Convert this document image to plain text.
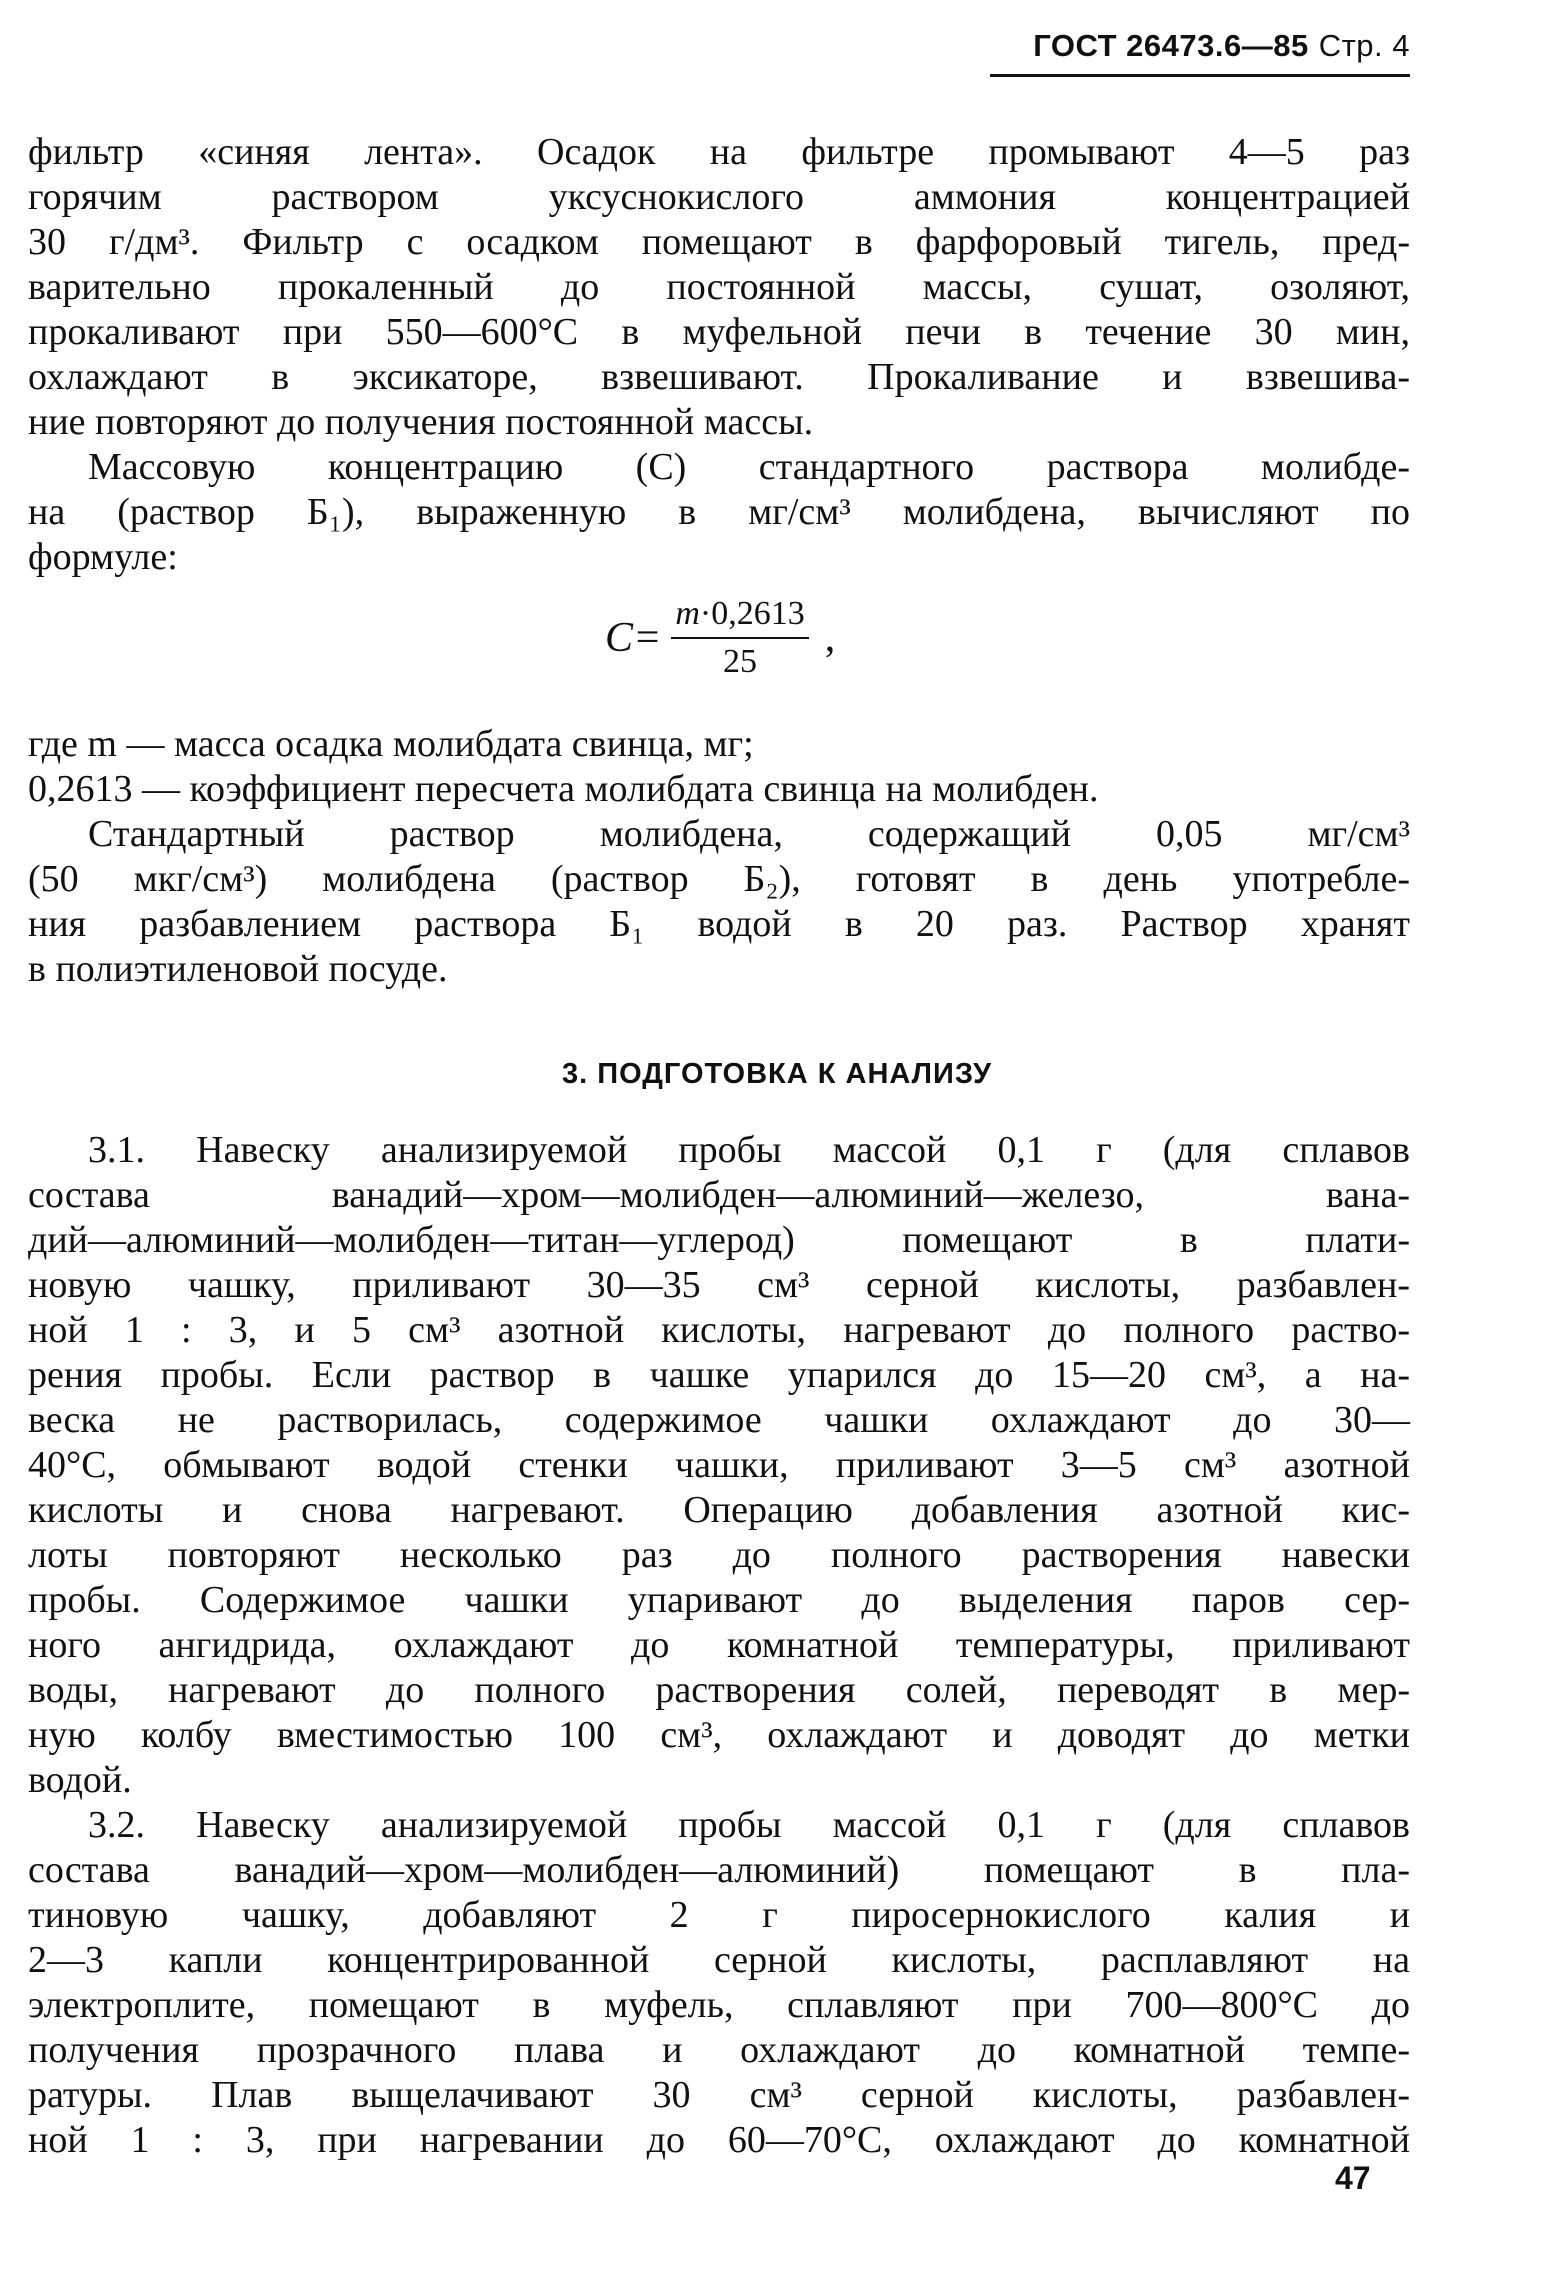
ГОСТ 26473.6—85 Стр. 4
фильтр «синяя лента». Осадок на фильтре промывают 4—5 раз
горячим раствором уксуснокислого аммония концентрацией
30 г/дм³. Фильтр с осадком помещают в фарфоровый тигель, пред-
варительно прокаленный до постоянной массы, сушат, озоляют,
прокаливают при 550—600°С в муфельной печи в течение 30 мин,
охлаждают в эксикаторе, взвешивают. Прокаливание и взвешива-
ние повторяют до получения постоянной массы.
Массовую концентрацию (C) стандартного раствора молибде-
на (раствор Б₁), выраженную в мг/см³ молибдена, вычисляют по
формуле:
$C= \frac{m\cdot 0,2613}{25}$ ,
где m — масса осадка молибдата свинца, мг;
0,2613 — коэффициент пересчета молибдата свинца на молибден.
Стандартный раствор молибдена, содержащий 0,05 мг/см³
(50 мкг/см³) молибдена (раствор Б₂), готовят в день употребле-
ния разбавлением раствора Б₁ водой в 20 раз. Раствор хранят
в полиэтиленовой посуде.
3. ПОДГОТОВКА К АНАЛИЗУ
3.1. Навеску анализируемой пробы массой 0,1 г (для сплавов
состава ванадий—хром—молибден—алюминий—железо, вана-
дий—алюминий—молибден—титан—углерод) помещают в плати-
новую чашку, приливают 30—35 см³ серной кислоты, разбавлен-
ной 1 : 3, и 5 см³ азотной кислоты, нагревают до полного раство-
рения пробы. Если раствор в чашке упарился до 15—20 см³, а на-
веска не растворилась, содержимое чашки охлаждают до 30—
40°С, обмывают водой стенки чашки, приливают 3—5 см³ азотной
кислоты и снова нагревают. Операцию добавления азотной кис-
лоты повторяют несколько раз до полного растворения навески
пробы. Содержимое чашки упаривают до выделения паров сер-
ного ангидрида, охлаждают до комнатной температуры, приливают
воды, нагревают до полного растворения солей, переводят в мер-
ную колбу вместимостью 100 см³, охлаждают и доводят до метки
водой.
3.2. Навеску анализируемой пробы массой 0,1 г (для сплавов
состава ванадий—хром—молибден—алюминий) помещают в пла-
тиновую чашку, добавляют 2 г пиросернокислого калия и
2—3 капли концентрированной серной кислоты, расплавляют на
электроплите, помещают в муфель, сплавляют при 700—800°С до
получения прозрачного плава и охлаждают до комнатной темпе-
ратуры. Плав выщелачивают 30 см³ серной кислоты, разбавлен-
ной 1 : 3, при нагревании до 60—70°С, охлаждают до комнатной
47
